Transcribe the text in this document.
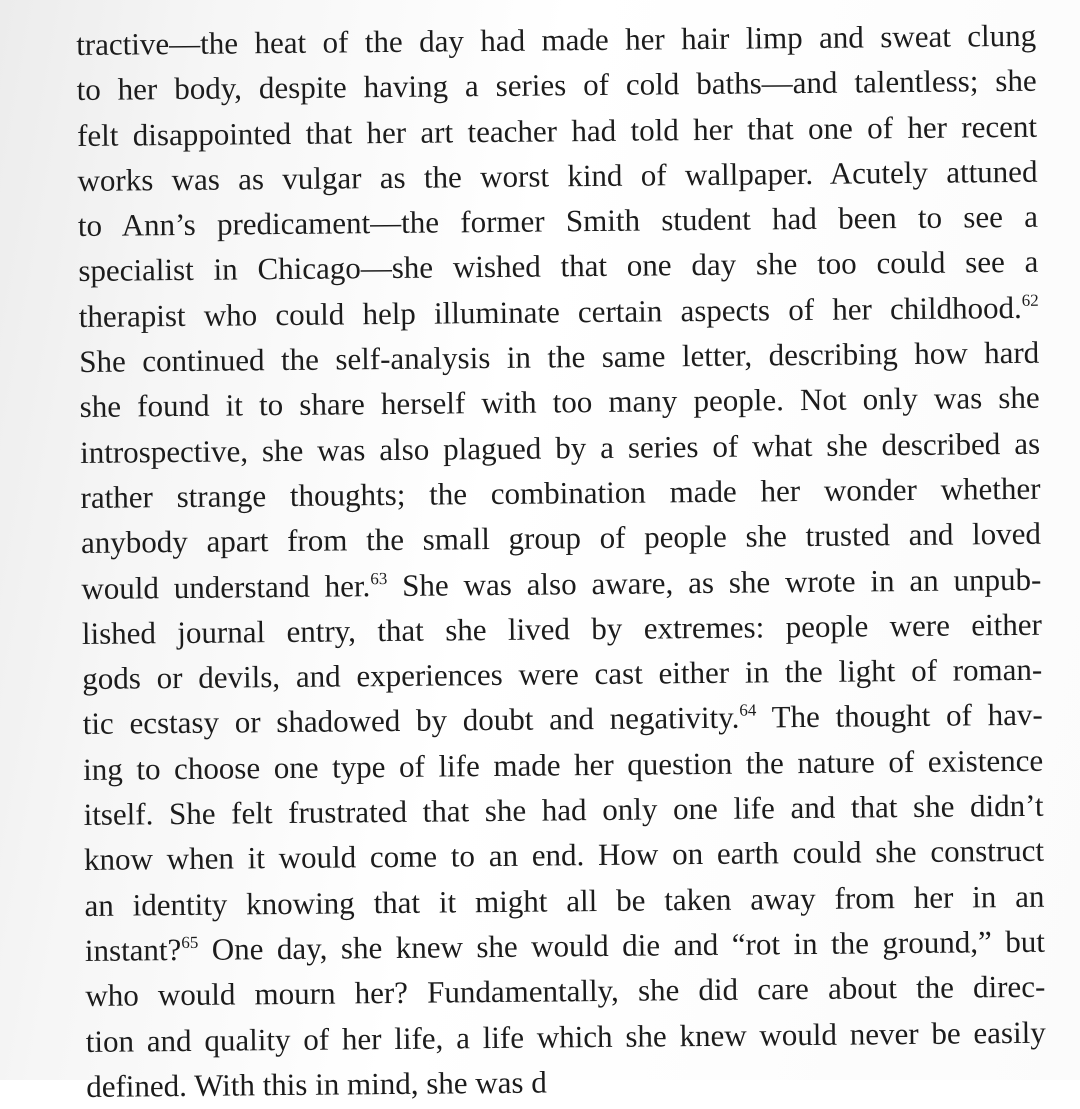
tractive—the heat of the day had made her hair limp and sweat clung
to her body, despite having a series of cold baths—and talentless; she
felt disappointed that her art teacher had told her that one of her recent
works was as vulgar as the worst kind of wallpaper. Acutely attuned
to Ann’s predicament—the former Smith student had been to see a
specialist in Chicago—she wished that one day she too could see a
therapist who could help illuminate certain aspects of her childhood.$^{62}$
She continued the self-analysis in the same letter, describing how hard
she found it to share herself with too many people. Not only was she
introspective, she was also plagued by a series of what she described as
rather strange thoughts; the combination made her wonder whether
anybody apart from the small group of people she trusted and loved
would understand her.$^{63}$ She was also aware, as she wrote in an unpub-
lished journal entry, that she lived by extremes: people were either
gods or devils, and experiences were cast either in the light of roman-
tic ecstasy or shadowed by doubt and negativity.$^{64}$ The thought of hav-
ing to choose one type of life made her question the nature of existence
itself. She felt frustrated that she had only one life and that she didn’t
know when it would come to an end. How on earth could she construct
an identity knowing that it might all be taken away from her in an
instant?$^{65}$ One day, she knew she would die and “rot in the ground,” but
who would mourn her? Fundamentally, she did care about the direc-
tion and quality of her life, a life which she knew would never be easily
defined. With this in mind, she was d
